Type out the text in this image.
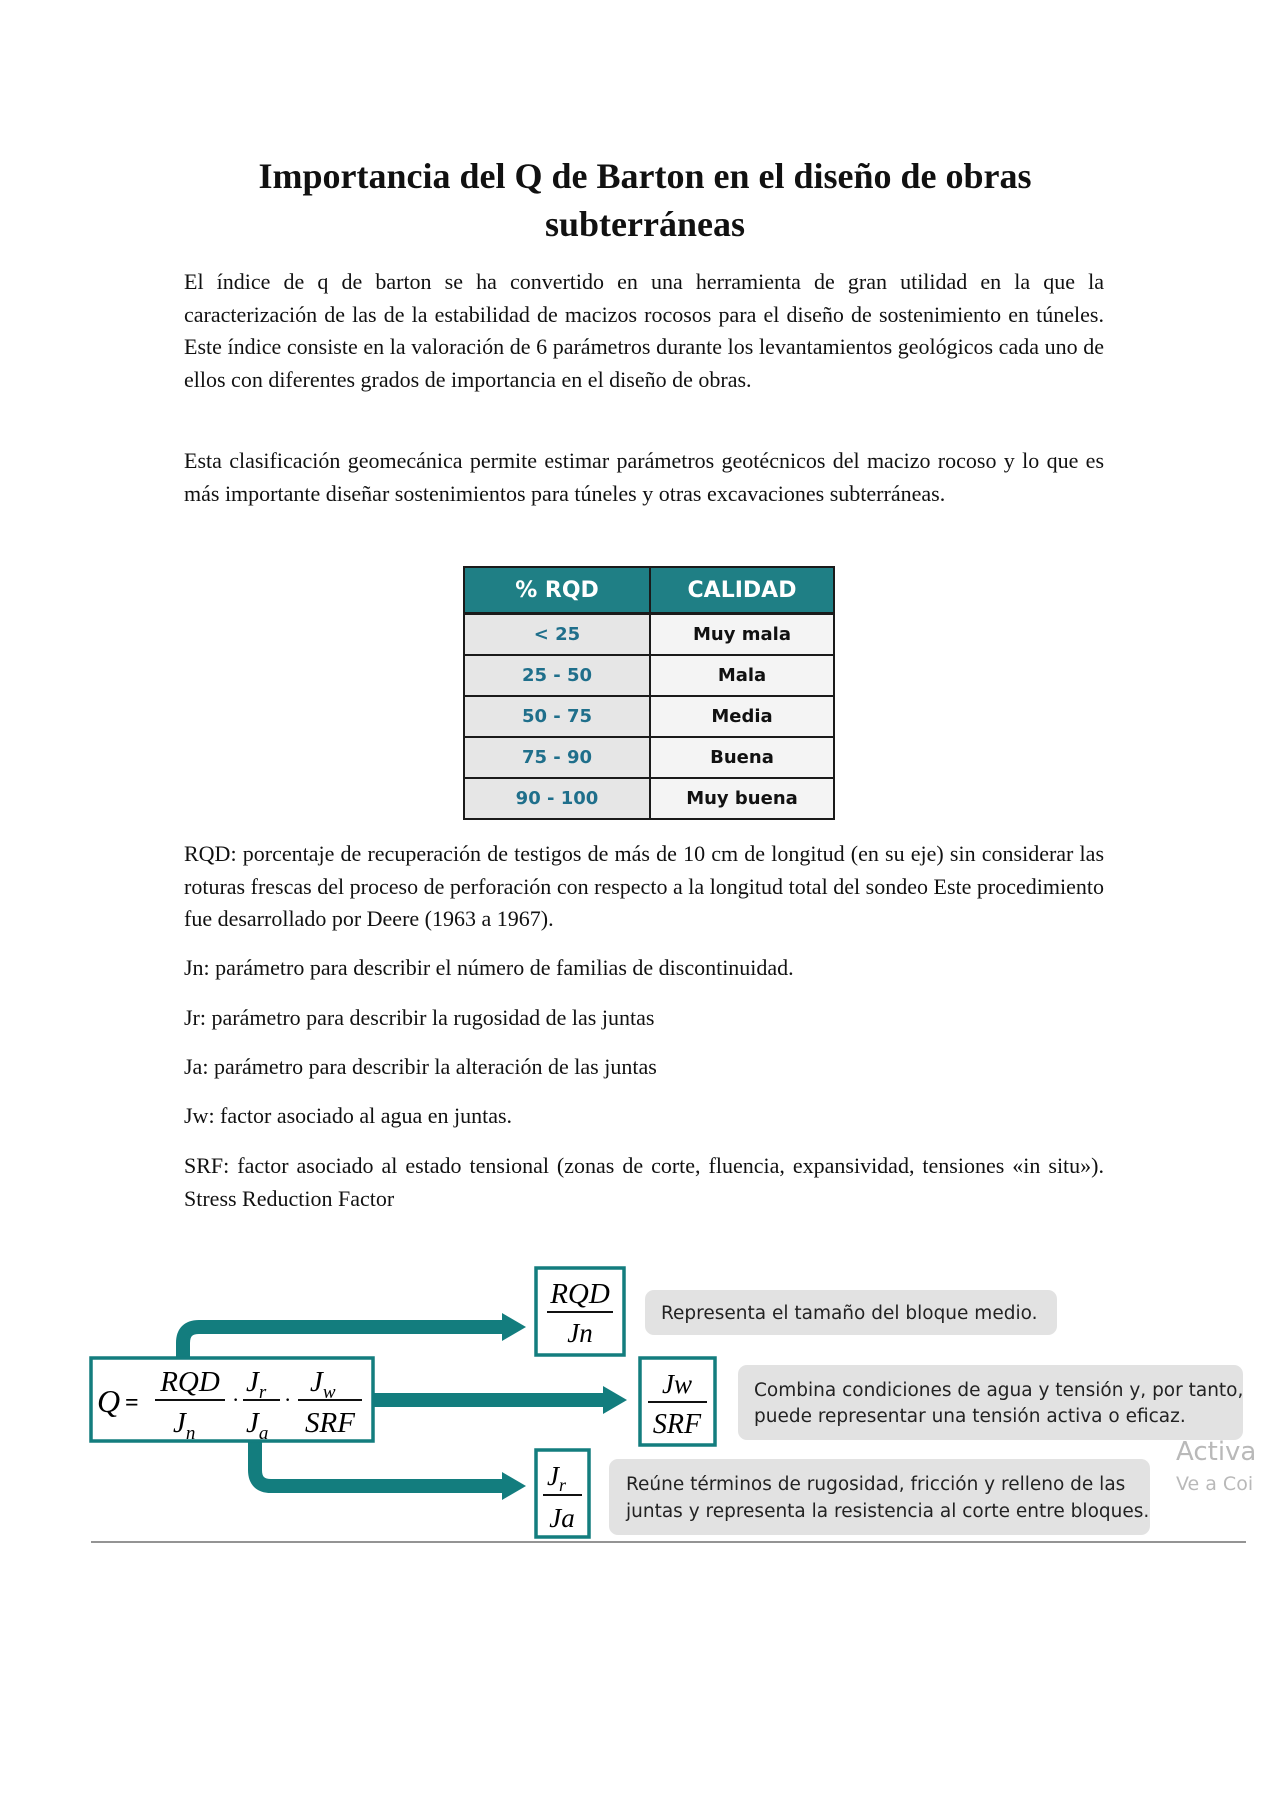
Importancia del Q de Barton en el diseño de obras
subterráneas

El índice de q de barton se ha convertido en una herramienta de gran utilidad en la que la caracterización de las de la estabilidad de macizos rocosos para el diseño de sostenimiento en túneles. Este índice consiste en la valoración de 6 parámetros durante los levantamientos geológicos cada uno de ellos con diferentes grados de importancia en el diseño de obras.

Esta clasificación geomecánica permite estimar parámetros geotécnicos del macizo rocoso y lo que es más importante diseñar sostenimientos para túneles y otras excavaciones subterráneas.

% RQD	CALIDAD
< 25	Muy mala
25 - 50	Mala
50 - 75	Media
75 - 90	Buena
90 - 100	Muy buena

RQD: porcentaje de recuperación de testigos de más de 10 cm de longitud (en su eje) sin considerar las roturas frescas del proceso de perforación con respecto a la longitud total del sondeo Este procedimiento fue desarrollado por Deere (1963 a 1967).

Jn: parámetro para describir el número de familias de discontinuidad.

Jr: parámetro para describir la rugosidad de las juntas

Ja: parámetro para describir la alteración de las juntas

Jw: factor asociado al agua en juntas.

SRF: factor asociado al estado tensional (zonas de corte, fluencia, expansividad, tensiones «in situ»). Stress Reduction Factor

Q =
RQD
$J_n$
·
$J_r$
$J_a$
·
$J_w$
SRF
RQD
Jn
Jw
SRF
$J_r$
Ja
Representa el tamaño del bloque medio.
Combina condiciones de agua y tensión y, por tanto,
puede representar una tensión activa o eficaz.
Reúne términos de rugosidad, fricción y relleno de las
juntas y representa la resistencia al corte entre bloques.
Activa
Ve a Coi
